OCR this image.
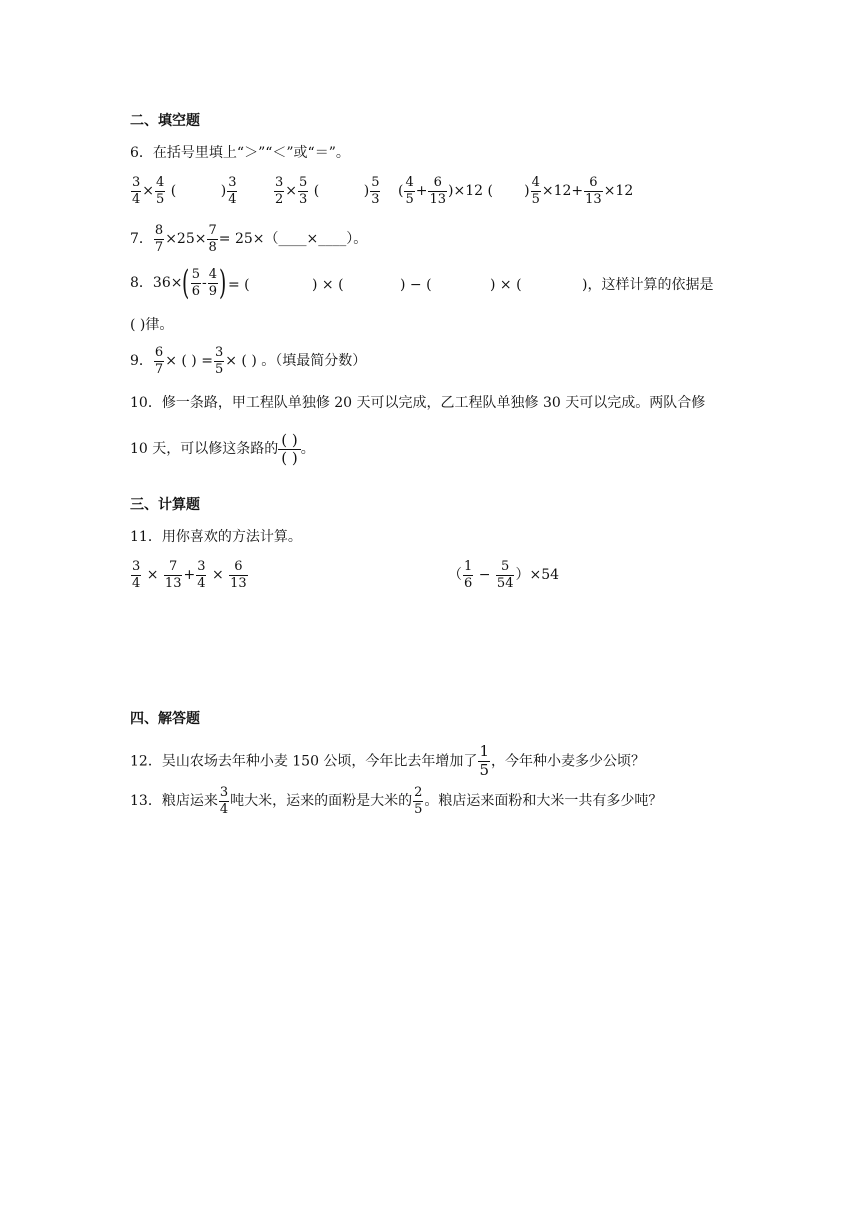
二、填空题
6．在括号里填上“＞”“＜”或“＝”。
$\frac{3}{4} \times \frac{4}{5}$ (          ) $\frac{3}{4}$	$\frac{3}{2} \times \frac{5}{3}$ (          ) $\frac{5}{3}$ ( $\frac{4}{5} + \frac{6}{13} )\times 12$ (       ) $\frac{4}{5} \times 12+ \frac{6}{13} \times 12$
7． $\frac{8}{7} \times 25\times \frac{7}{8}$ = 25×（____×____）。
8．$36\times( \frac{5}{6} - \frac{4}{9}$ ) = (	) × (	) − (	) × (	)，这样计算的依据是
( )律。
9． $\frac{6}{7}$ × ( ) = $\frac{3}{5}$ × ( ) 。（填最简分数）
10．修一条路，甲工程队单独修 20 天可以完成，乙工程队单独修 30 天可以完成。两队合修
10 天，可以修这条路的 $\frac{( )}{( )}$ 。
三、计算题
11．用你喜欢的方法计算。
$\frac{3}{4} \times \frac{7}{13} + \frac{3}{4} \times \frac{6}{13}$	（ $\frac{1}{6} - \frac{5}{54} )\times 54$
四、解答题
12．吴山农场去年种小麦 150 公顷，今年比去年增加了 $\frac{1}{5}$ ，今年种小麦多少公顷？
13．粮店运来 $\frac{3}{4}$ 吨大米，运来的面粉是大米的 $\frac{2}{5}$ 。粮店运来面粉和大米一共有多少吨？
